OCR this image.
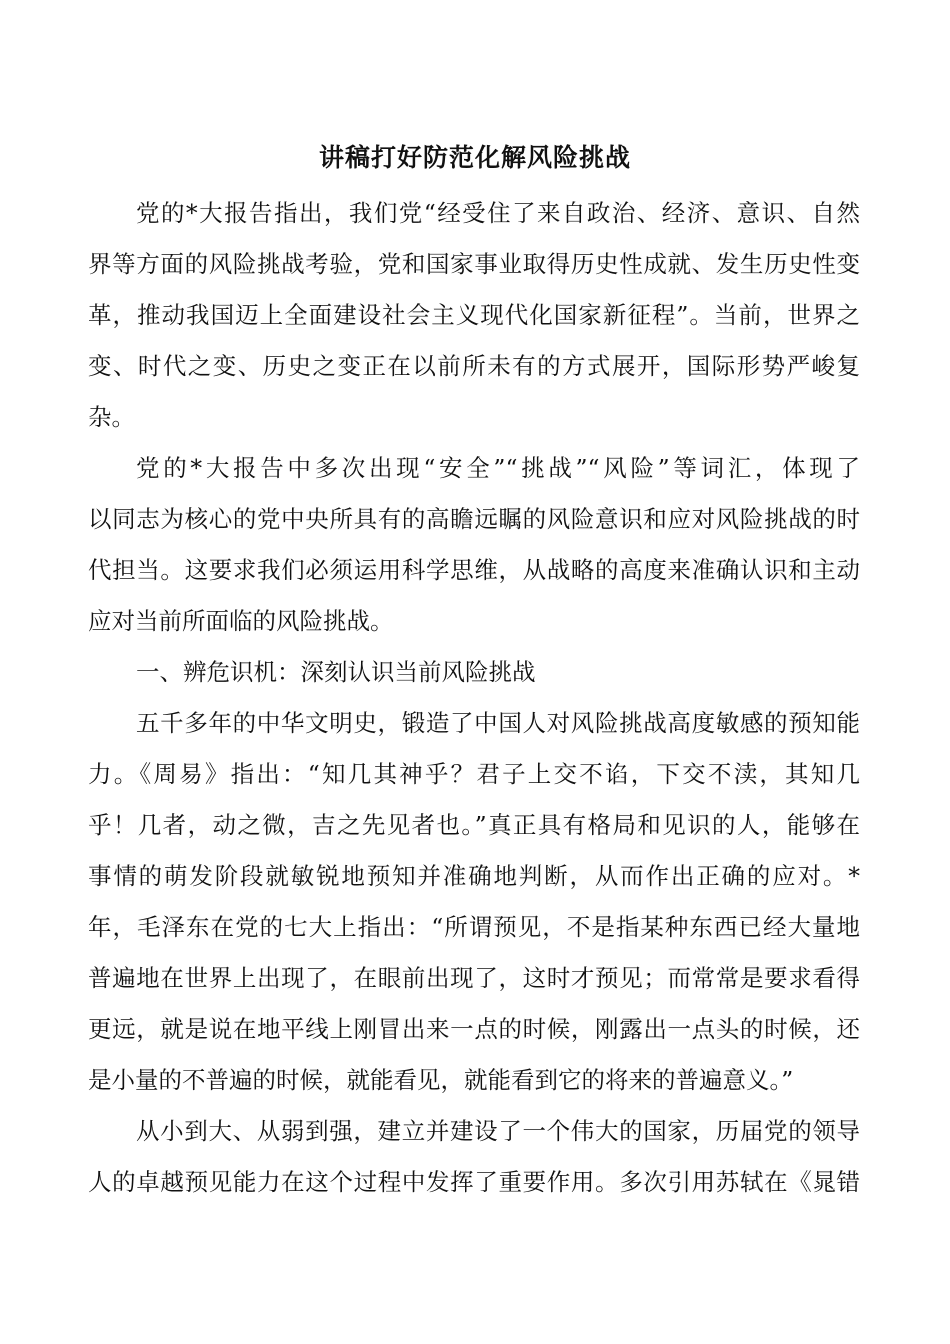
讲稿打好防范化解风险挑战
党的*大报告指出，我们党“经受住了来自政治、经济、意识、自然
界等方面的风险挑战考验，党和国家事业取得历史性成就、发生历史性变
革，推动我国迈上全面建设社会主义现代化国家新征程”。当前，世界之
变、时代之变、历史之变正在以前所未有的方式展开，国际形势严峻复
杂。
党的*大报告中多次出现“安全”“挑战”“风险”等词汇，体现了
以同志为核心的党中央所具有的高瞻远瞩的风险意识和应对风险挑战的时
代担当。这要求我们必须运用科学思维，从战略的高度来准确认识和主动
应对当前所面临的风险挑战。
一、辨危识机：深刻认识当前风险挑战
五千多年的中华文明史，锻造了中国人对风险挑战高度敏感的预知能
力。《周易》指出：“知几其神乎？君子上交不谄，下交不渎，其知几
乎！几者，动之微，吉之先见者也。”真正具有格局和见识的人，能够在
事情的萌发阶段就敏锐地预知并准确地判断，从而作出正确的应对。*
年，毛泽东在党的七大上指出：“所谓预见，不是指某种东西已经大量地
普遍地在世界上出现了，在眼前出现了，这时才预见；而常常是要求看得
更远，就是说在地平线上刚冒出来一点的时候，刚露出一点头的时候，还
是小量的不普遍的时候，就能看见，就能看到它的将来的普遍意义。”
从小到大、从弱到强，建立并建设了一个伟大的国家，历届党的领导
人的卓越预见能力在这个过程中发挥了重要作用。多次引用苏轼在《晁错
